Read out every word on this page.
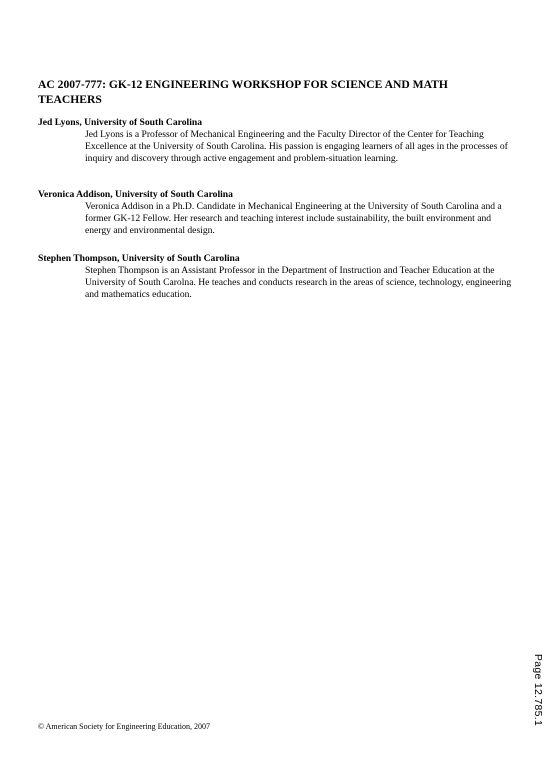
AC 2007-777: GK-12 ENGINEERING WORKSHOP FOR SCIENCE AND MATH TEACHERS
Jed Lyons, University of South Carolina
Jed Lyons is a Professor of Mechanical Engineering and the Faculty Director of the Center for Teaching Excellence at the University of South Carolina. His passion is engaging learners of all ages in the processes of inquiry and discovery through active engagement and problem-situation learning.
Veronica Addison, University of South Carolina
Veronica Addison in a Ph.D. Candidate in Mechanical Engineering at the University of South Carolina and a former GK-12 Fellow. Her research and teaching interest include sustainability, the built environment and energy and environmental design.
Stephen Thompson, University of South Carolina
Stephen Thompson is an Assistant Professor in the Department of Instruction and Teacher Education at the University of South Carolna. He teaches and conducts research in the areas of science, technology, engineering and mathematics education.
Page 12.785.1
© American Society for Engineering Education, 2007
